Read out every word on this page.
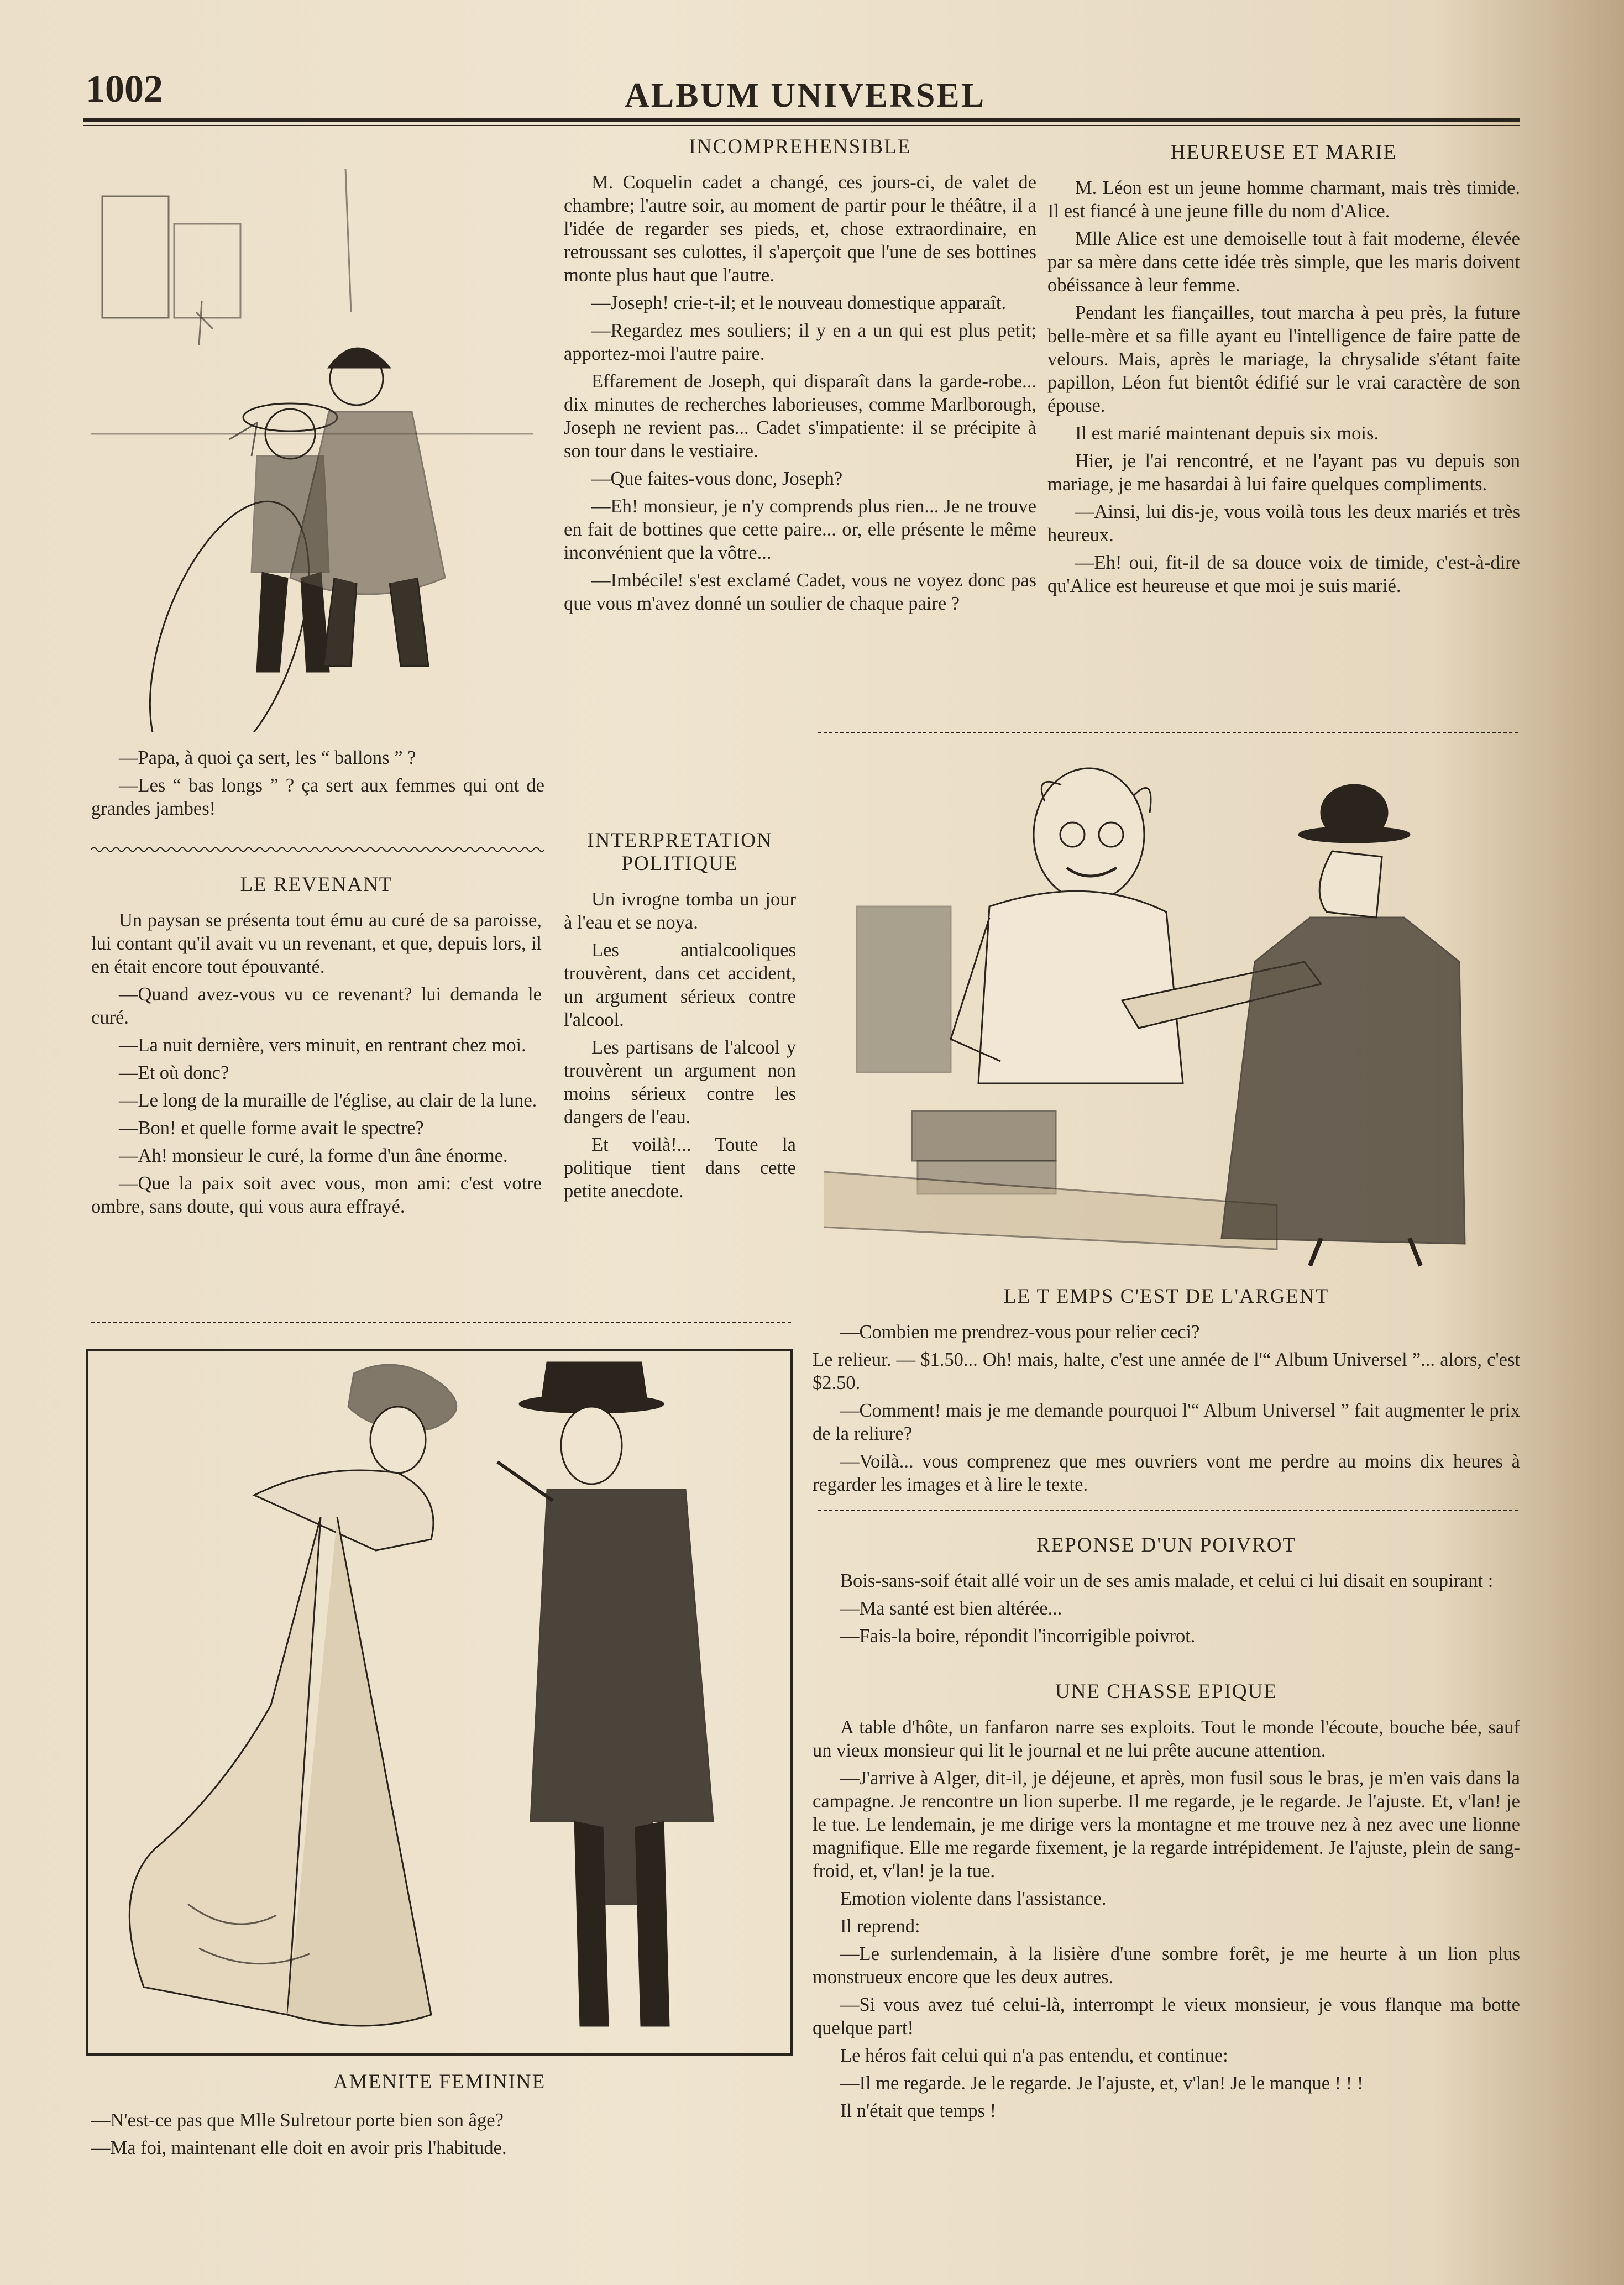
1002	ALBUM UNIVERSEL

—Papa, à quoi ça sert, les “ ballons ” ?

—Les “ bas longs ” ? ça sert aux femmes qui ont de grandes jambes!

LE REVENANT

Un paysan se présenta tout ému au curé de sa paroisse, lui contant qu'il avait vu un revenant, et que, depuis lors, il en était encore tout épouvanté.

—Quand avez-vous vu ce revenant? lui demanda le curé.

—La nuit dernière, vers minuit, en rentrant chez moi.

—Et où donc?

—Le long de la muraille de l'église, au clair de la lune.

—Bon! et quelle forme avait le spectre?

—Ah! monsieur le curé, la forme d'un âne énorme.

—Que la paix soit avec vous, mon ami: c'est votre ombre, sans doute, qui vous aura effrayé.

INCOMPREHENSIBLE

M. Coquelin cadet a changé, ces jours-ci, de valet de chambre; l'autre soir, au moment de partir pour le théâtre, il a l'idée de regarder ses pieds, et, chose extraordinaire, en retroussant ses culottes, il s'aperçoit que l'une de ses bottines monte plus haut que l'autre.

—Joseph! crie-t-il; et le nouveau domestique apparaît.

—Regardez mes souliers; il y en a un qui est plus petit; apportez-moi l'autre paire.

Effarement de Joseph, qui disparaît dans la garde-robe... dix minutes de recherches laborieuses, comme Marlborough, Joseph ne revient pas... Cadet s'impatiente: il se précipite à son tour dans le vestiaire.

—Que faites-vous donc, Joseph?

—Eh! monsieur, je n'y comprends plus rien... Je ne trouve en fait de bottines que cette paire... or, elle présente le même inconvénient que la vôtre...

—Imbécile! s'est exclamé Cadet, vous ne voyez donc pas que vous m'avez donné un soulier de chaque paire ?

INTERPRETATION POLITIQUE

Un ivrogne tomba un jour à l'eau et se noya.

Les antialcooliques trouvèrent, dans cet accident, un argument sérieux contre l'alcool.

Les partisans de l'alcool y trouvèrent un argument non moins sérieux contre les dangers de l'eau.

Et voilà!... Toute la politique tient dans cette petite anecdote.

HEUREUSE ET MARIE

M. Léon est un jeune homme charmant, mais très timide. Il est fiancé à une jeune fille du nom d'Alice.

Mlle Alice est une demoiselle tout à fait moderne, élevée par sa mère dans cette idée très simple, que les maris doivent obéissance à leur femme.

Pendant les fiançailles, tout marcha à peu près, la future belle-mère et sa fille ayant eu l'intelligence de faire patte de velours. Mais, après le mariage, la chrysalide s'étant faite papillon, Léon fut bientôt édifié sur le vrai caractère de son épouse.

Il est marié maintenant depuis six mois.

Hier, je l'ai rencontré, et ne l'ayant pas vu depuis son mariage, je me hasardai à lui faire quelques compliments.

—Ainsi, lui dis-je, vous voilà tous les deux mariés et très heureux.

—Eh! oui, fit-il de sa douce voix de timide, c'est-à-dire qu'Alice est heureuse et que moi je suis marié.

LE T EMPS C'EST DE L'ARGENT

—Combien me prendrez-vous pour relier ceci?

Le relieur. — $1.50... Oh! mais, halte, c'est une année de l'“ Album Universel ”... alors, c'est $2.50.

—Comment! mais je me demande pourquoi l'“ Album Universel ” fait augmenter le prix de la reliure?

—Voilà... vous comprenez que mes ouvriers vont me perdre au moins dix heures à regarder les images et à lire le texte.

REPONSE D'UN POIVROT

Bois-sans-soif était allé voir un de ses amis malade, et celui ci lui disait en soupirant :

—Ma santé est bien altérée...

—Fais-la boire, répondit l'incorrigible poivrot.

UNE CHASSE EPIQUE

A table d'hôte, un fanfaron narre ses exploits. Tout le monde l'écoute, bouche bée, sauf un vieux monsieur qui lit le journal et ne lui prête aucune attention.

—J'arrive à Alger, dit-il, je déjeune, et après, mon fusil sous le bras, je m'en vais dans la campagne. Je rencontre un lion superbe. Il me regarde, je le regarde. Je l'ajuste. Et, v'lan! je le tue. Le lendemain, je me dirige vers la montagne et me trouve nez à nez avec une lionne magnifique. Elle me regarde fixement, je la regarde intrépidement. Je l'ajuste, plein de sang-froid, et, v'lan! je la tue.

Emotion violente dans l'assistance.

Il reprend:

—Le surlendemain, à la lisière d'une sombre forêt, je me heurte à un lion plus monstrueux encore que les deux autres.

—Si vous avez tué celui-là, interrompt le vieux monsieur, je vous flanque ma botte quelque part!

Le héros fait celui qui n'a pas entendu, et continue:

—Il me regarde. Je le regarde. Je l'ajuste, et, v'lan! Je le manque ! ! !

Il n'était que temps !

AMENITE FEMININE

—N'est-ce pas que Mlle Sulretour porte bien son âge?

—Ma foi, maintenant elle doit en avoir pris l'habitude.
